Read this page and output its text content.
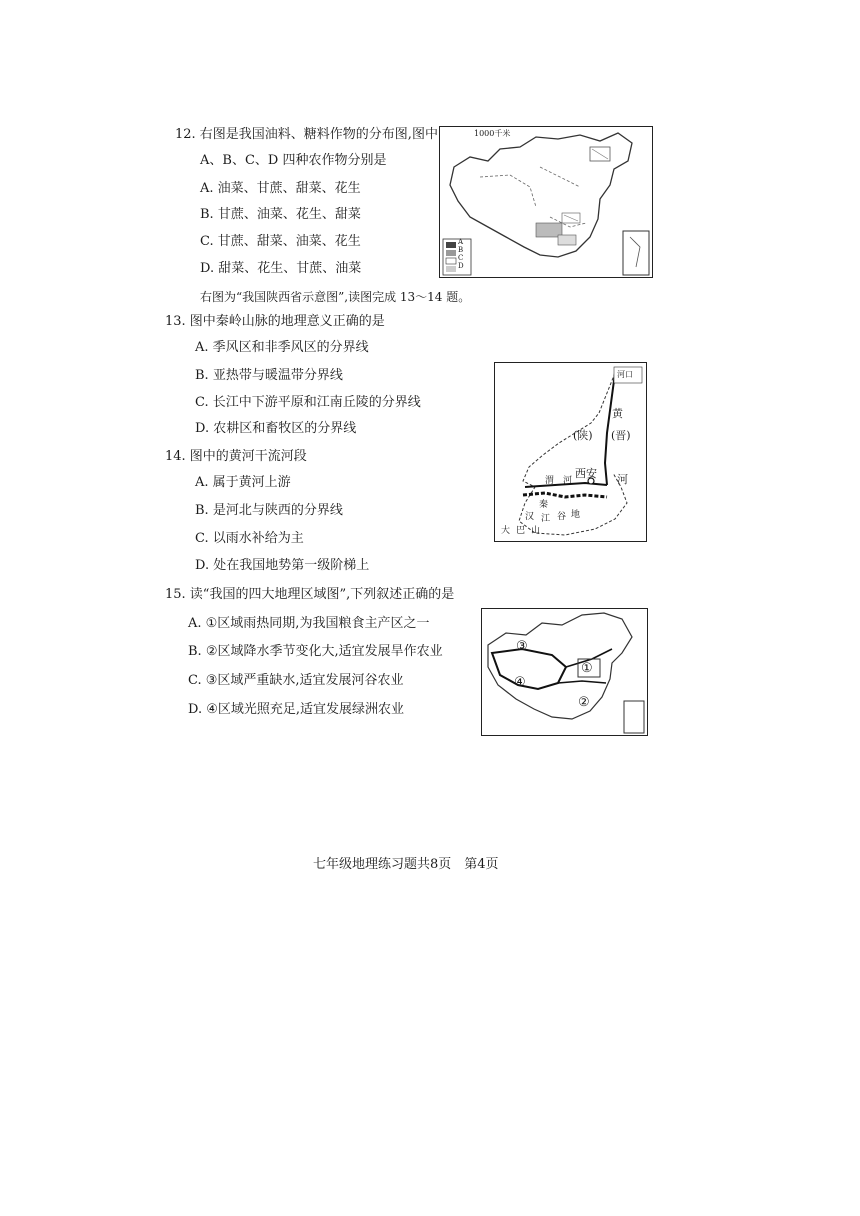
12. 右图是我国油料、糖料作物的分布图,图中
A、B、C、D 四种农作物分别是
A. 油菜、甘蔗、甜菜、花生
B. 甘蔗、油菜、花生、甜菜
C. 甘蔗、甜菜、油菜、花生
D. 甜菜、花生、甘蔗、油菜
1000千米
A
B
C
D
右图为“我国陕西省示意图”,读图完成 13～14 题。
13. 图中秦岭山脉的地理意义正确的是
A. 季风区和非季风区的分界线
B. 亚热带与暖温带分界线
C. 长江中下游平原和江南丘陵的分界线
D. 农耕区和畜牧区的分界线
河口
黄
(陕) (晋)
西安 河
渭 河
秦
汉 江 谷 地
大巴山
14. 图中的黄河干流河段
A. 属于黄河上游
B. 是河北与陕西的分界线
C. 以雨水补给为主
D. 处在我国地势第一级阶梯上
15. 读“我国的四大地理区域图”,下列叙述正确的是
A. ①区域雨热同期,为我国粮食主产区之一
B. ②区域降水季节变化大,适宜发展旱作农业
C. ③区域严重缺水,适宜发展河谷农业
D. ④区域光照充足,适宜发展绿洲农业
③
①
④
②
七年级地理练习题共8页　第4页
